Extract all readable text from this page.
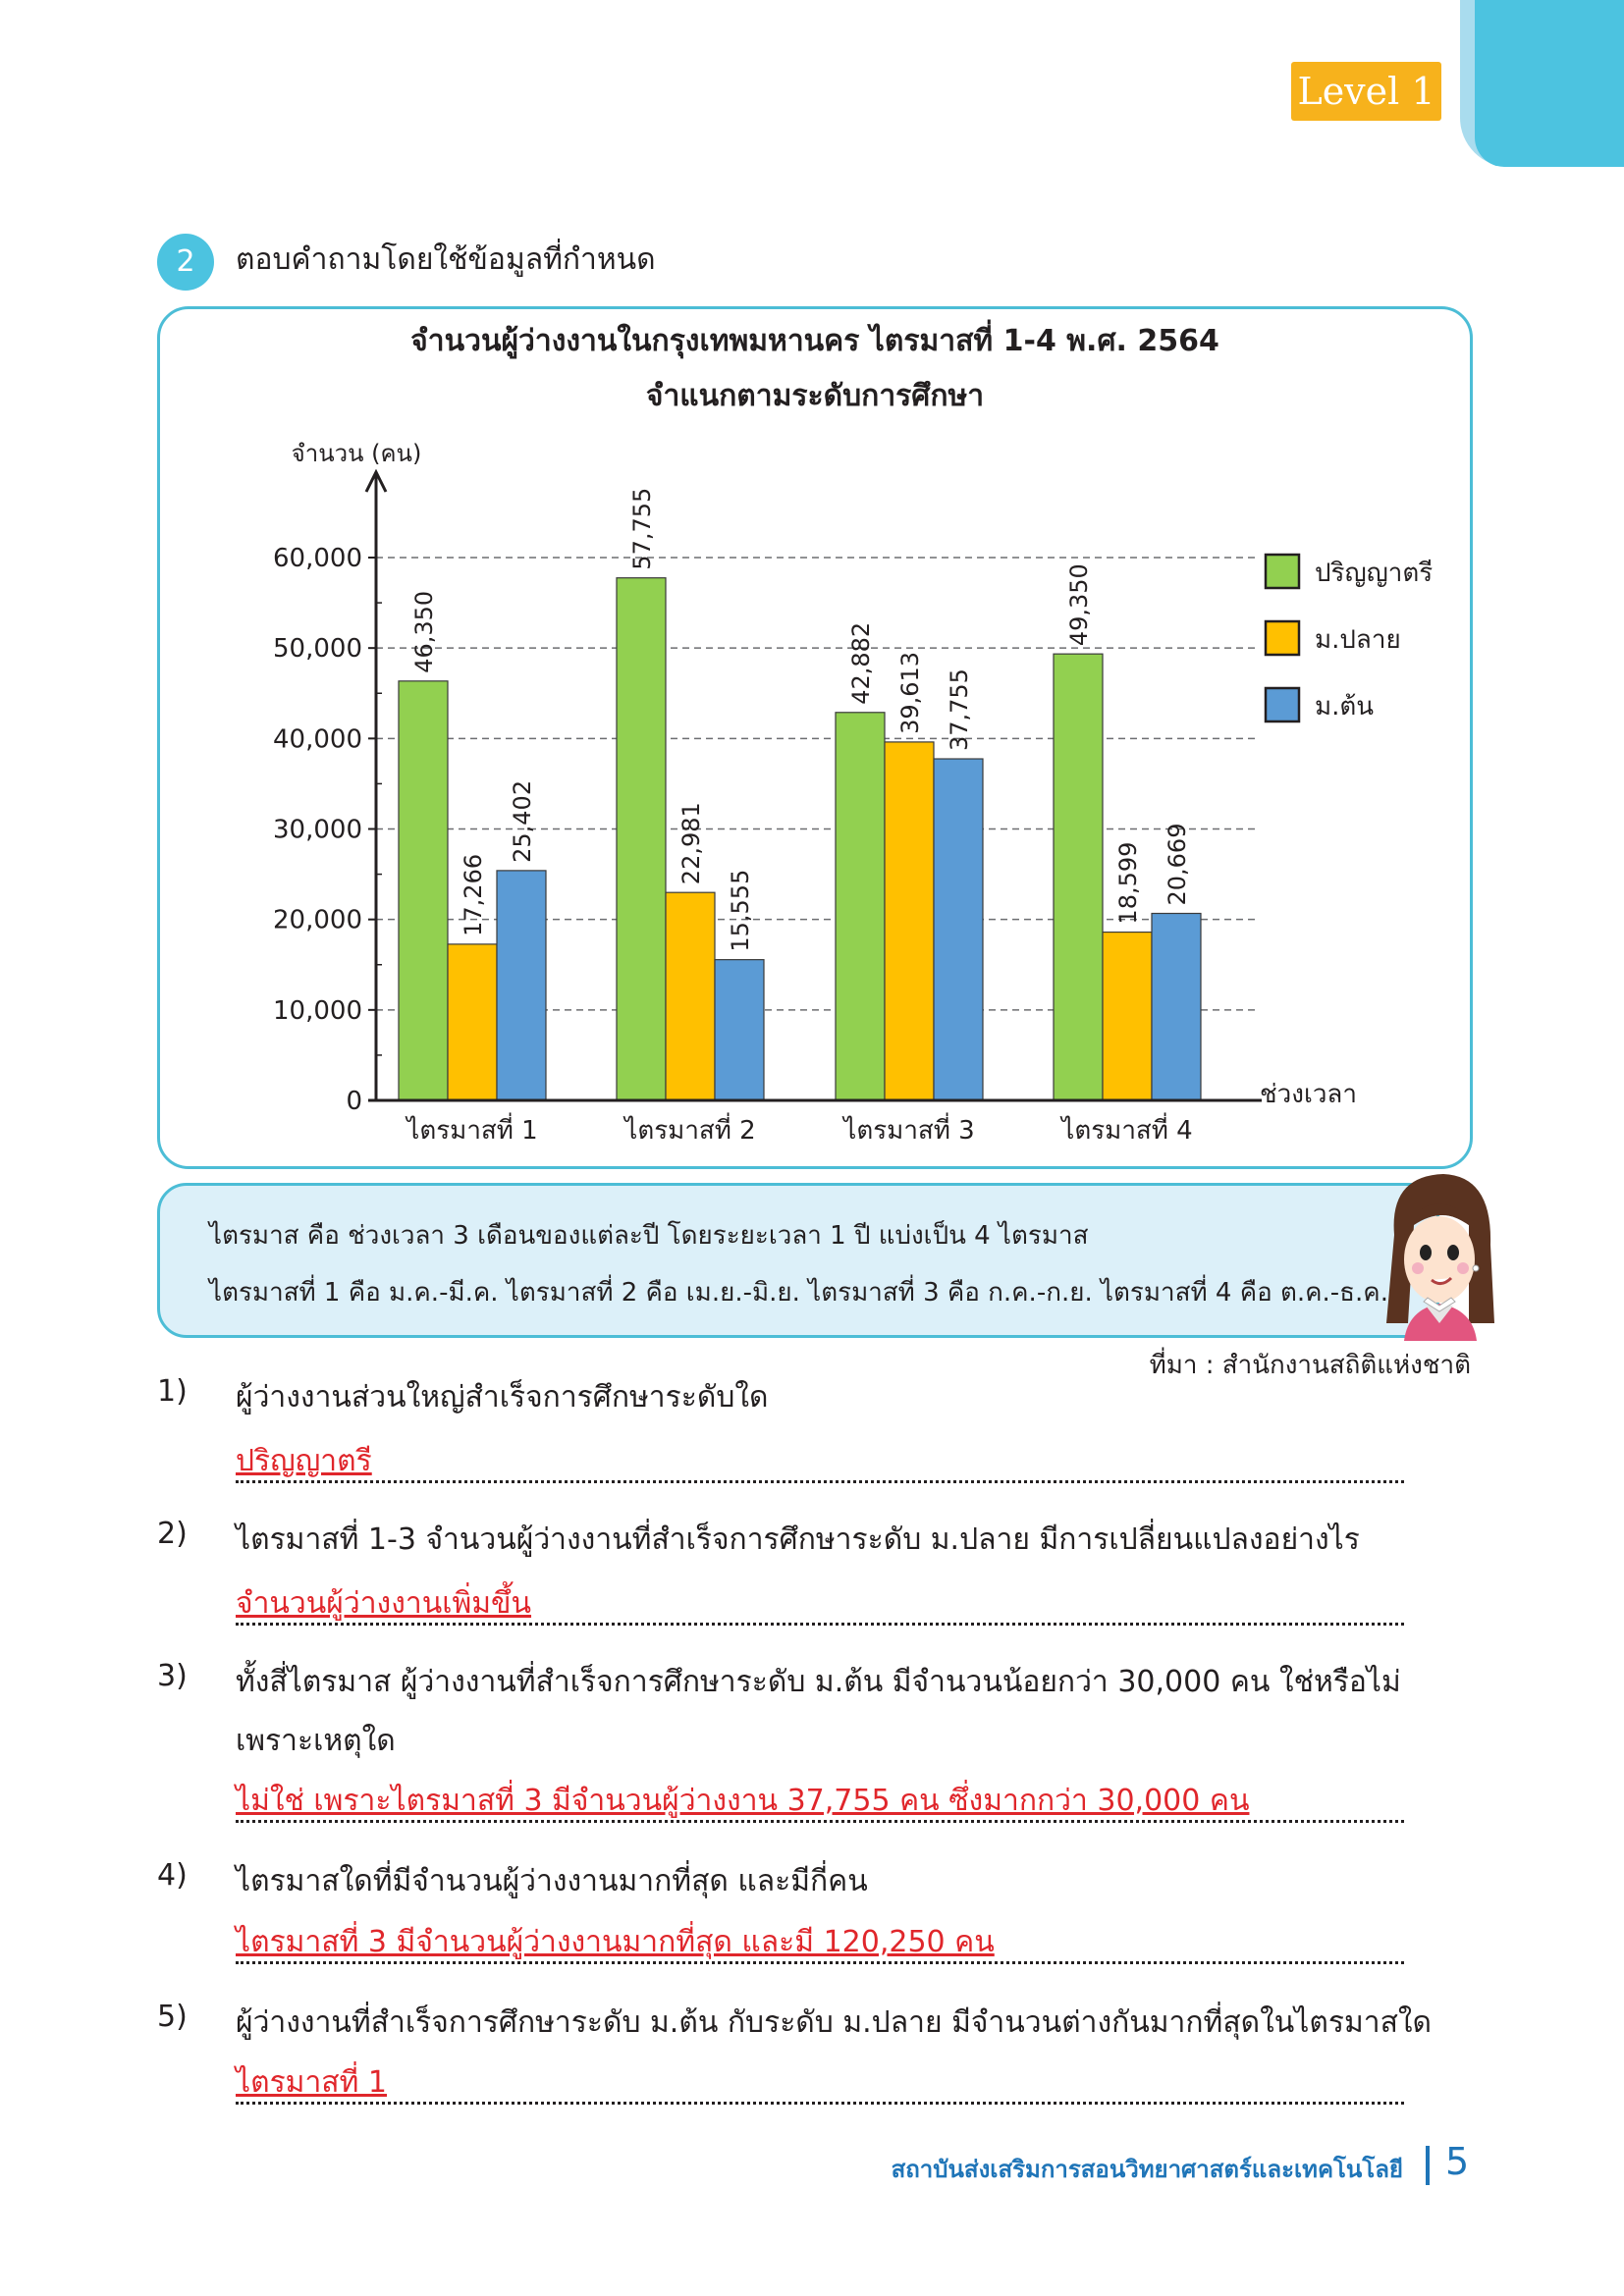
Level 1
2	ตอบคำถามโดยใช้ข้อมูลที่กำหนด
จำนวนผู้ว่างงานในกรุงเทพมหานคร ไตรมาสที่ 1-4 พ.ศ. 2564
จำแนกตามระดับการศึกษา
จำนวน (คน)
ช่วงเวลา
46,350
17,266
25,402
57,755
22,981
15,555
42,882 39,613 37,755
49,350
18,599 20,669
0
10,000
20,000
30,000
40,000
50,000
60,000
ไตรมาสที่ 1	ไตรมาสที่ 2	ไตรมาสที่ 3	ไตรมาสที่ 4
ปริญญาตรี
ม.ปลาย
ม.ต้น
ไตรมาส คือ ช่วงเวลา 3 เดือนของแต่ละปี โดยระยะเวลา 1 ปี แบ่งเป็น 4 ไตรมาส
ไตรมาสที่ 1 คือ ม.ค.-มี.ค. ไตรมาสที่ 2 คือ เม.ย.-มิ.ย. ไตรมาสที่ 3 คือ ก.ค.-ก.ย. ไตรมาสที่ 4 คือ ต.ค.-ธ.ค.
ที่มา : สำนักงานสถิติแห่งชาติ
1) ผู้ว่างงานส่วนใหญ่สำเร็จการศึกษาระดับใด
ปริญญาตรี
2) ไตรมาสที่ 1-3 จำนวนผู้ว่างงานที่สำเร็จการศึกษาระดับ ม.ปลาย มีการเปลี่ยนแปลงอย่างไร
จำนวนผู้ว่างงานเพิ่มขึ้น
3) ทั้งสี่ไตรมาส ผู้ว่างงานที่สำเร็จการศึกษาระดับ ม.ต้น มีจำนวนน้อยกว่า 30,000 คน ใช่หรือไม่
เพราะเหตุใด
ไม่ใช่ เพราะไตรมาสที่ 3 มีจำนวนผู้ว่างงาน 37,755 คน ซึ่งมากกว่า 30,000 คน
4) ไตรมาสใดที่มีจำนวนผู้ว่างงานมากที่สุด และมีกี่คน
ไตรมาสที่ 3 มีจำนวนผู้ว่างงานมากที่สุด และมี 120,250 คน
5) ผู้ว่างงานที่สำเร็จการศึกษาระดับ ม.ต้น กับระดับ ม.ปลาย มีจำนวนต่างกันมากที่สุดในไตรมาสใด
ไตรมาสที่ 1
สถาบันส่งเสริมการสอนวิทยาศาสตร์และเทคโนโลยี 5
